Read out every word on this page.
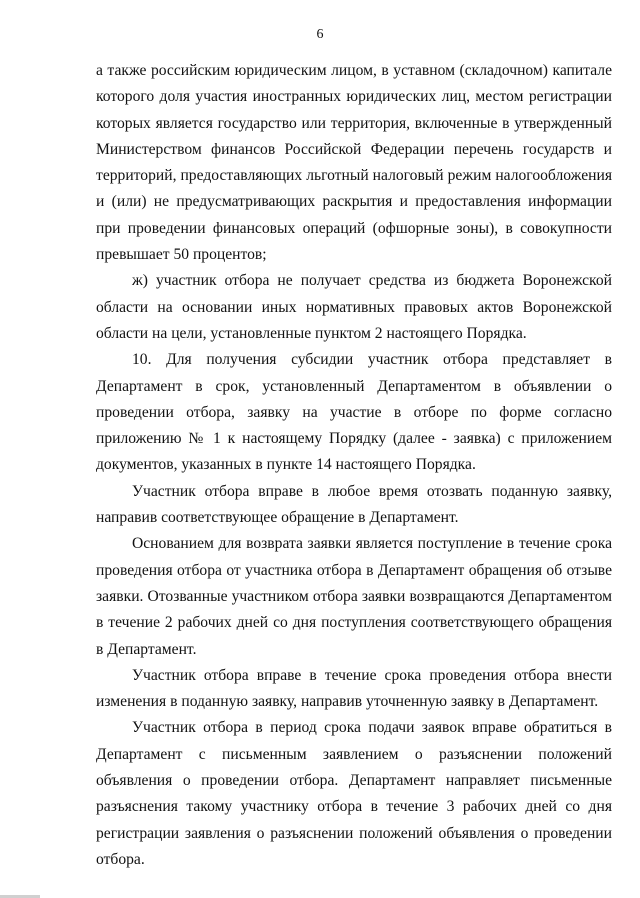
6

а также российским юридическим лицом, в уставном (складочном) капитале которого доля участия иностранных юридических лиц, местом регистрации которых является государство или территория, включенные в утвержденный Министерством финансов Российской Федерации перечень государств и территорий, предоставляющих льготный налоговый режим налогообложения и (или) не предусматривающих раскрытия и предоставления информации при проведении финансовых операций (офшорные зоны), в совокупности превышает 50 процентов;

ж) участник отбора не получает средства из бюджета Воронежской области на основании иных нормативных правовых актов Воронежской области на цели, установленные пунктом 2 настоящего Порядка.

10. Для получения субсидии участник отбора представляет в Департамент в срок, установленный Департаментом в объявлении о проведении отбора, заявку на участие в отборе по форме согласно приложению № 1 к настоящему Порядку (далее - заявка) с приложением документов, указанных в пункте 14 настоящего Порядка.

Участник отбора вправе в любое время отозвать поданную заявку, направив соответствующее обращение в Департамент.

Основанием для возврата заявки является поступление в течение срока проведения отбора от участника отбора в Департамент обращения об отзыве заявки. Отозванные участником отбора заявки возвращаются Департаментом в течение 2 рабочих дней со дня поступления соответствующего обращения в Департамент.

Участник отбора вправе в течение срока проведения отбора внести изменения в поданную заявку, направив уточненную заявку в Департамент.

Участник отбора в период срока подачи заявок вправе обратиться в Департамент с письменным заявлением о разъяснении положений объявления о проведении отбора. Департамент направляет письменные разъяснения такому участнику отбора в течение 3 рабочих дней со дня регистрации заявления о разъяснении положений объявления о проведении отбора.
